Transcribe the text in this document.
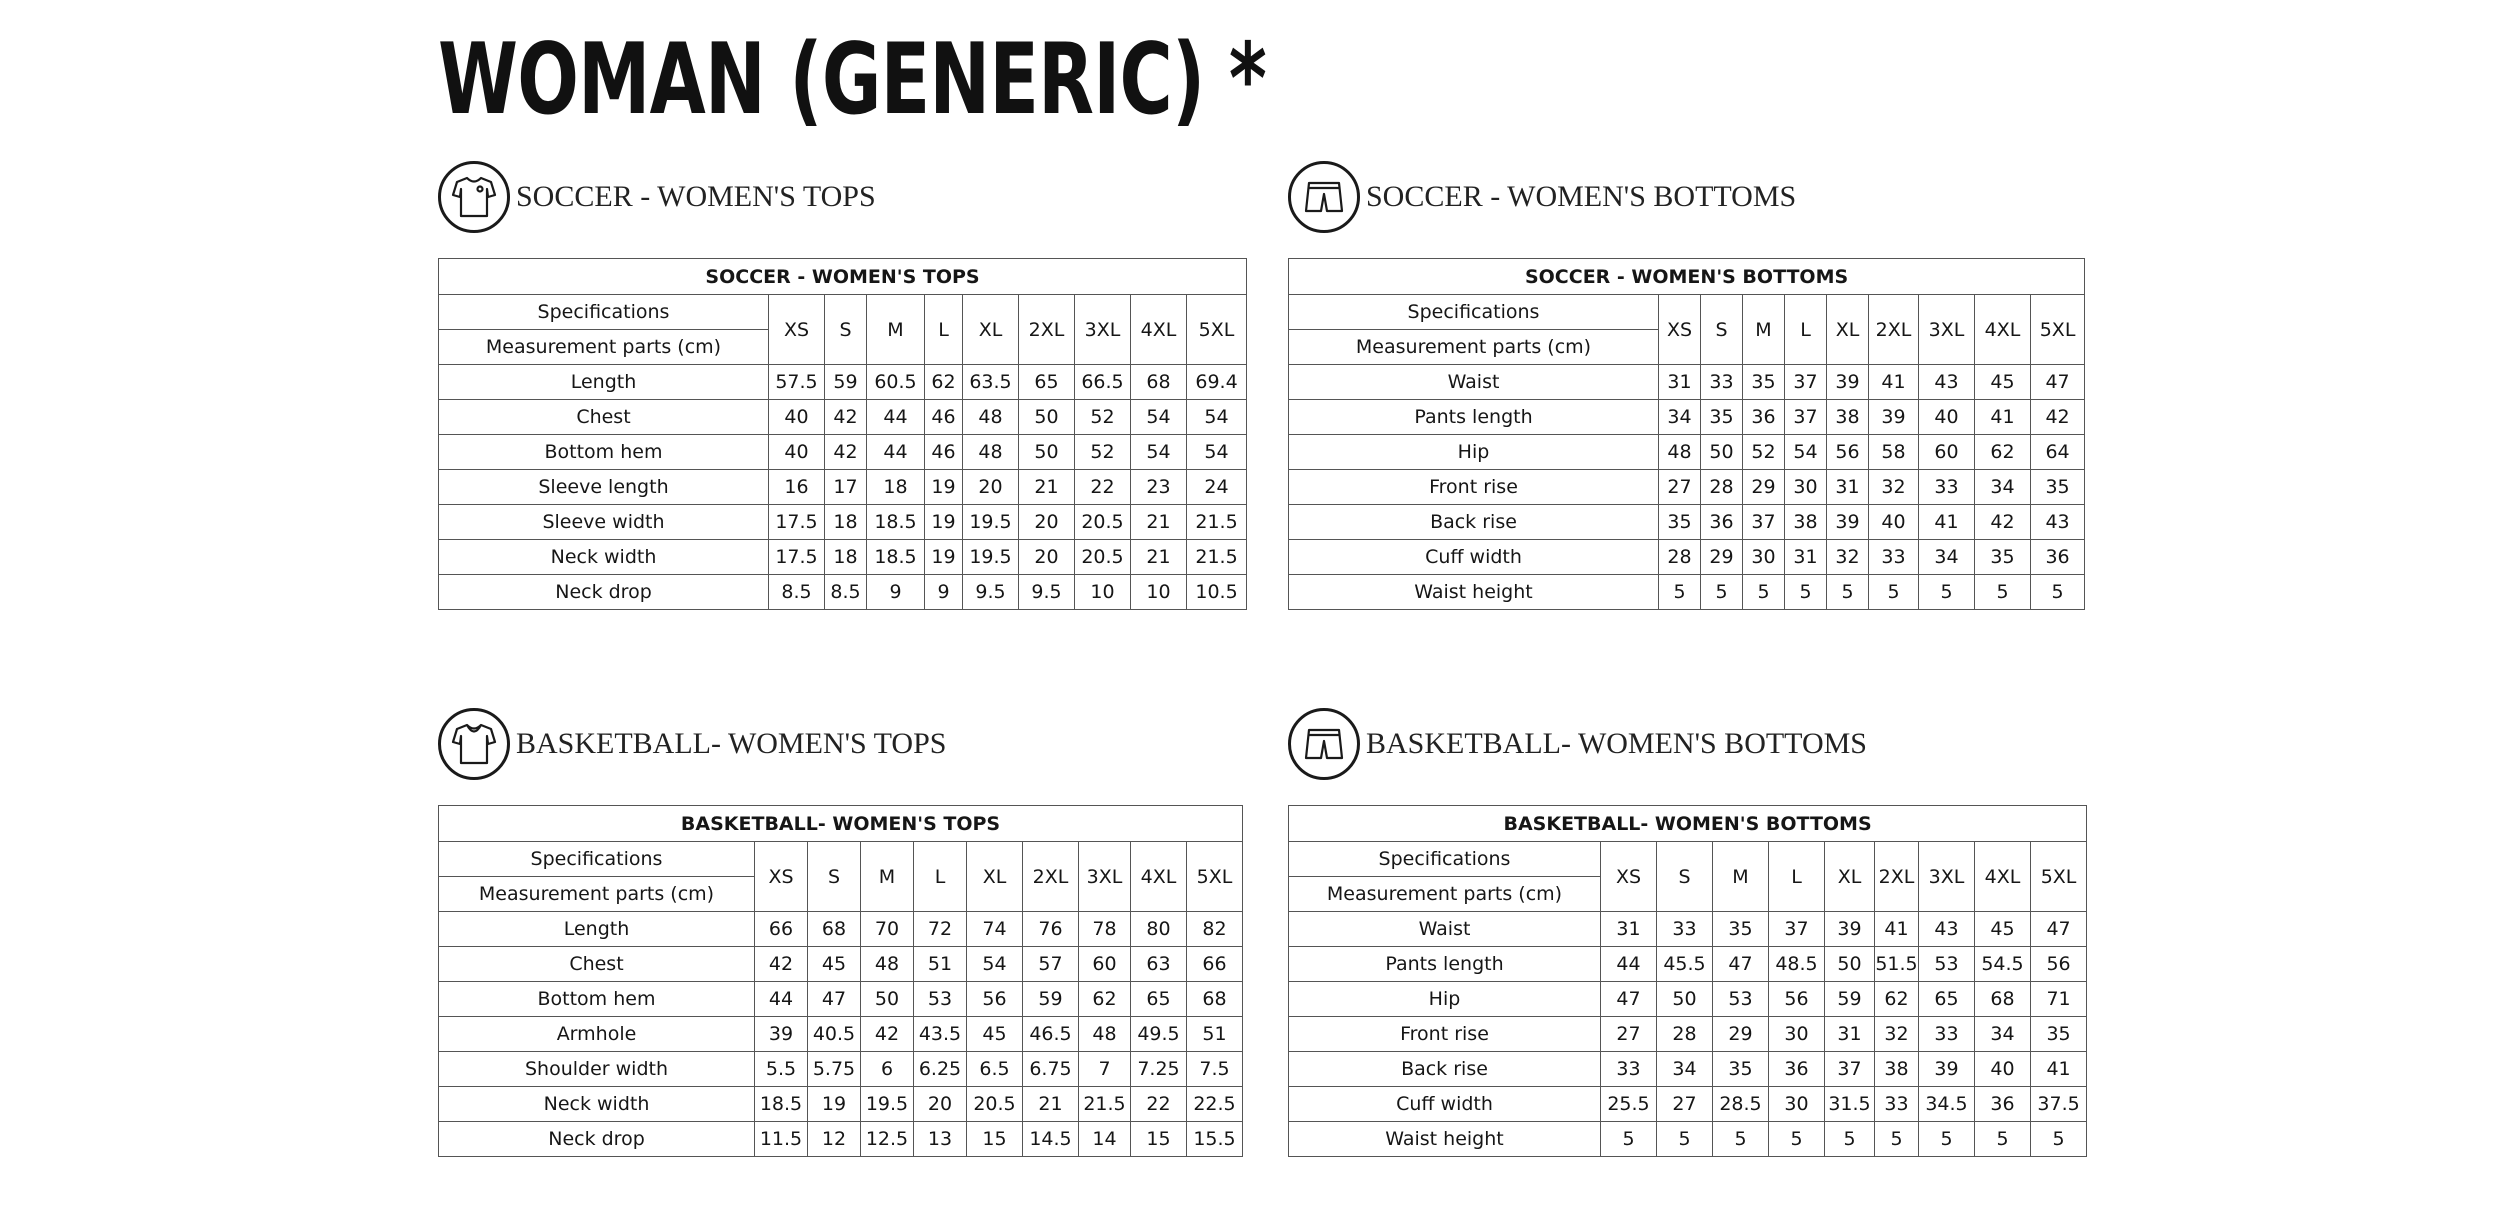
WOMAN (GENERIC) *
SOCCER - WOMEN'S TOPS
SOCCER - WOMEN'S TOPS									
Specifications	XS	S	M	L	XL	2XL	3XL	4XL	5XL
Measurement parts (cm)									
Length	57.5	59	60.5	62	63.5	65	66.5	68	69.4
Chest	40	42	44	46	48	50	52	54	54
Bottom hem	40	42	44	46	48	50	52	54	54
Sleeve length	16	17	18	19	20	21	22	23	24
Sleeve width	17.5	18	18.5	19	19.5	20	20.5	21	21.5
Neck width	17.5	18	18.5	19	19.5	20	20.5	21	21.5
Neck drop	8.5	8.5	9	9	9.5	9.5	10	10	10.5
SOCCER - WOMEN'S BOTTOMS
SOCCER - WOMEN'S BOTTOMS									
Specifications	XS	S	M	L	XL	2XL	3XL	4XL	5XL
Measurement parts (cm)									
Waist	31	33	35	37	39	41	43	45	47
Pants length	34	35	36	37	38	39	40	41	42
Hip	48	50	52	54	56	58	60	62	64
Front rise	27	28	29	30	31	32	33	34	35
Back rise	35	36	37	38	39	40	41	42	43
Cuff width	28	29	30	31	32	33	34	35	36
Waist height	5	5	5	5	5	5	5	5	5
BASKETBALL- WOMEN'S TOPS
BASKETBALL- WOMEN'S TOPS									
Specifications	XS	S	M	L	XL	2XL	3XL	4XL	5XL
Measurement parts (cm)									
Length	66	68	70	72	74	76	78	80	82
Chest	42	45	48	51	54	57	60	63	66
Bottom hem	44	47	50	53	56	59	62	65	68
Armhole	39	40.5	42	43.5	45	46.5	48	49.5	51
Shoulder width	5.5	5.75	6	6.25	6.5	6.75	7	7.25	7.5
Neck width	18.5	19	19.5	20	20.5	21	21.5	22	22.5
Neck drop	11.5	12	12.5	13	15	14.5	14	15	15.5
BASKETBALL- WOMEN'S BOTTOMS
BASKETBALL- WOMEN'S BOTTOMS									
Specifications	XS	S	M	L	XL	2XL	3XL	4XL	5XL
Measurement parts (cm)									
Waist	31	33	35	37	39	41	43	45	47
Pants length	44	45.5	47	48.5	50	51.5	53	54.5	56
Hip	47	50	53	56	59	62	65	68	71
Front rise	27	28	29	30	31	32	33	34	35
Back rise	33	34	35	36	37	38	39	40	41
Cuff width	25.5	27	28.5	30	31.5	33	34.5	36	37.5
Waist height	5	5	5	5	5	5	5	5	5
